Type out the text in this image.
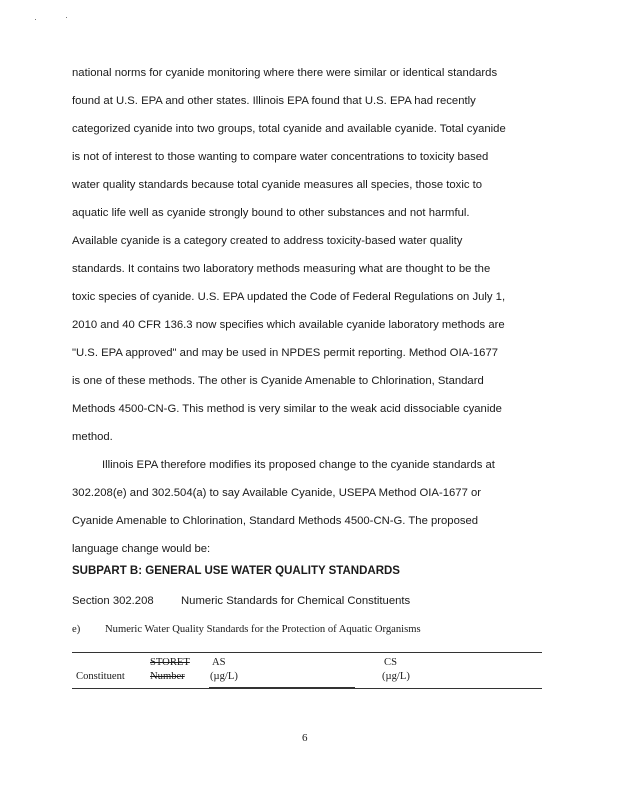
national norms for cyanide monitoring where there were similar or identical standards
found at U.S. EPA and other states. Illinois EPA found that U.S. EPA had recently
categorized cyanide into two groups, total cyanide and available cyanide. Total cyanide
is not of interest to those wanting to compare water concentrations to toxicity based
water quality standards because total cyanide measures all species, those toxic to
aquatic life well as cyanide strongly bound to other substances and not harmful.
Available cyanide is a category created to address toxicity-based water quality
standards. It contains two laboratory methods measuring what are thought to be the
toxic species of cyanide. U.S. EPA updated the Code of Federal Regulations on July 1,
2010 and 40 CFR 136.3 now specifies which available cyanide laboratory methods are
"U.S. EPA approved" and may be used in NPDES permit reporting. Method OIA-1677
is one of these methods. The other is Cyanide Amenable to Chlorination, Standard
Methods 4500-CN-G. This method is very similar to the weak acid dissociable cyanide
method.
Illinois EPA therefore modifies its proposed change to the cyanide standards at
302.208(e) and 302.504(a) to say Available Cyanide, USEPA Method OIA-1677 or
Cyanide Amenable to Chlorination, Standard Methods 4500-CN-G. The proposed
language change would be:
SUBPART B: GENERAL USE WATER QUALITY STANDARDS
Section 302.208 Numeric Standards for Chemical Constituents
e) Numeric Water Quality Standards for the Protection of Aquatic Organisms
Constituent
STORET
Number
AS
(µg/L)
CS
(µg/L)
6
